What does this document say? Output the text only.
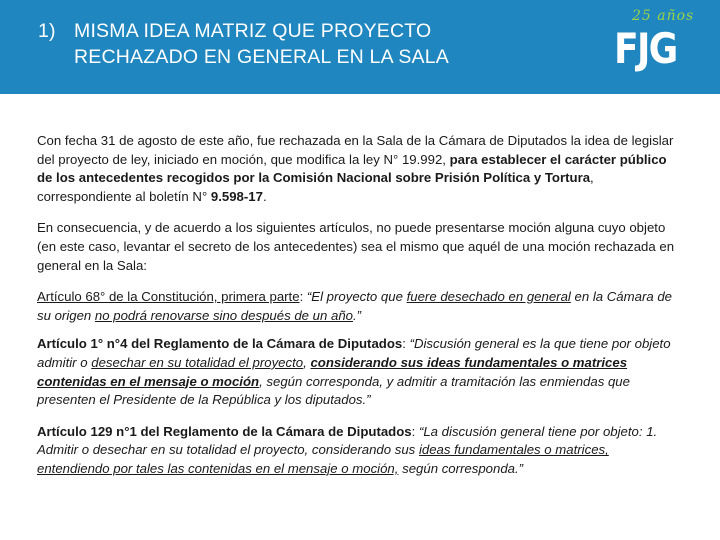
1) MISMA IDEA MATRIZ QUE PROYECTO
RECHAZADO EN GENERAL EN LA SALA
25 años
FJG

Con fecha 31 de agosto de este año, fue rechazada en la Sala de la Cámara de Diputados la idea de legislar del proyecto de ley, iniciado en moción, que modifica la ley N° 19.992, para establecer el carácter público de los antecedentes recogidos por la Comisión Nacional sobre Prisión Política y Tortura, correspondiente al boletín N° 9.598-17.

En consecuencia, y de acuerdo a los siguientes artículos, no puede presentarse moción alguna cuyo objeto (en este caso, levantar el secreto de los antecedentes) sea el mismo que aquél de una moción rechazada en general en la Sala:

Artículo 68° de la Constitución, primera parte: “El proyecto que fuere desechado en general en la Cámara de su origen no podrá renovarse sino después de un año.”

Artículo 1° n°4 del Reglamento de la Cámara de Diputados: “Discusión general es la que tiene por objeto admitir o desechar en su totalidad el proyecto, considerando sus ideas fundamentales o matrices contenidas en el mensaje o moción, según corresponda, y admitir a tramitación las enmiendas que presenten el Presidente de la República y los diputados.”

Artículo 129 n°1 del Reglamento de la Cámara de Diputados: “La discusión general tiene por objeto: 1. Admitir o desechar en su totalidad el proyecto, considerando sus ideas fundamentales o matrices, entendiendo por tales las contenidas en el mensaje o moción, según corresponda.”
